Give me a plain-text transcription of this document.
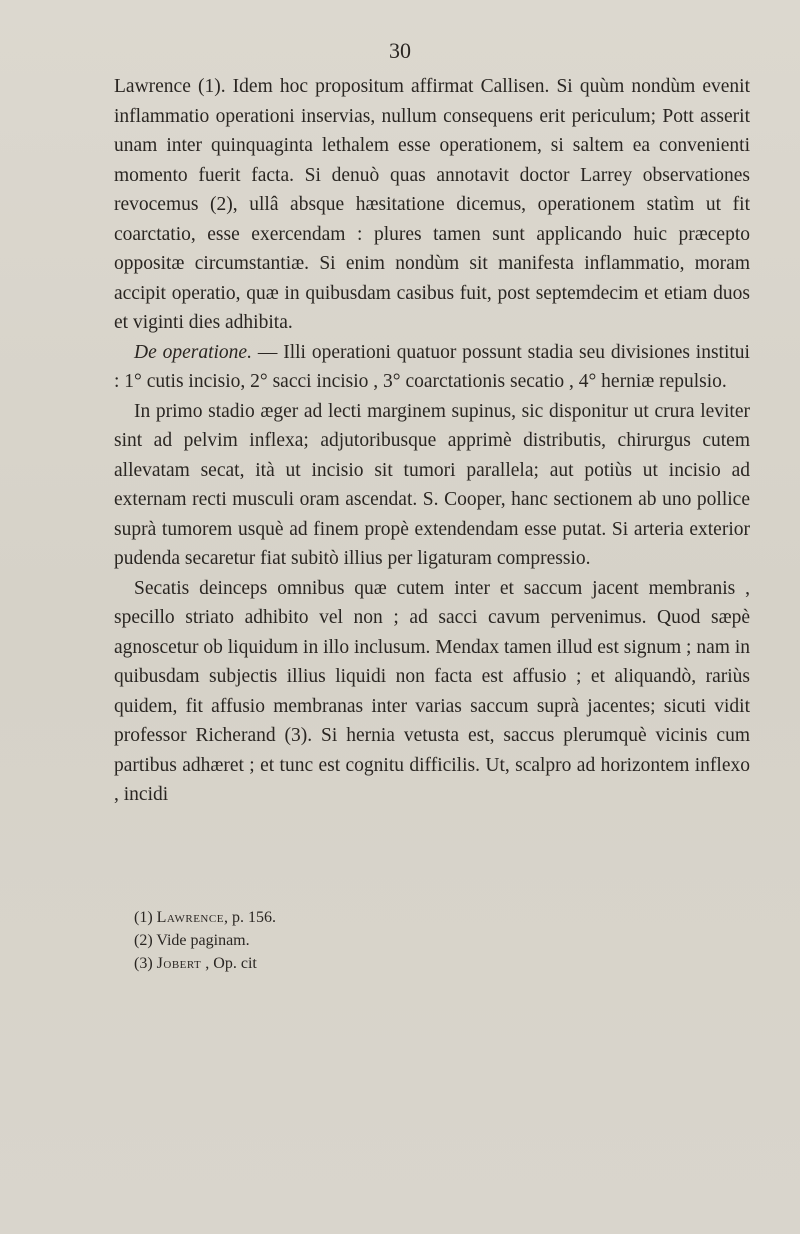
30

Lawrence (1). Idem hoc propositum affirmat Callisen. Si quùm nondùm evenit inflammatio operationi inservias, nullum consequens erit periculum; Pott asserit unam inter quinquaginta lethalem esse operationem, si saltem ea convenienti momento fuerit facta. Si denuò quas annotavit doctor Larrey observationes revocemus (2), ullâ absque hæsitatione dicemus, operationem statìm ut fit coarctatio, esse exercendam : plures tamen sunt applicando huic præcepto oppositæ circumstantiæ. Si enim nondùm sit manifesta inflammatio, moram accipit operatio, quæ in quibusdam casibus fuit, post septemdecim et etiam duos et viginti dies adhibita.

De operatione. — Illi operationi quatuor possunt stadia seu divisiones institui : 1° cutis incisio, 2° sacci incisio , 3° coarctationis secatio , 4° herniæ repulsio.

In primo stadio æger ad lecti marginem supinus, sic disponitur ut crura leviter sint ad pelvim inflexa; adjutoribusque apprimè distributis, chirurgus cutem allevatam secat, ità ut incisio sit tumori parallela; aut potiùs ut incisio ad externam recti musculi oram ascendat. S. Cooper, hanc sectionem ab uno pollice suprà tumorem usquè ad finem propè extendendam esse putat. Si arteria exterior pudenda secaretur fiat subitò illius per ligaturam compressio.

Secatis deinceps omnibus quæ cutem inter et saccum jacent membranis , specillo striato adhibito vel non ; ad sacci cavum pervenimus. Quod sæpè agnoscetur ob liquidum in illo inclusum. Mendax tamen illud est signum ; nam in quibusdam subjectis illius liquidi non facta est affusio ; et aliquandò, rariùs quidem, fit affusio membranas inter varias saccum suprà jacentes; sicuti vidit professor Richerand (3). Si hernia vetusta est, saccus plerumquè vicinis cum partibus adhæret ; et tunc est cognitu difficilis. Ut, scalpro ad horizontem inflexo , incidi

(1) Lawrence, p. 156.
(2) Vide paginam.
(3) Jobert , Op. cit
